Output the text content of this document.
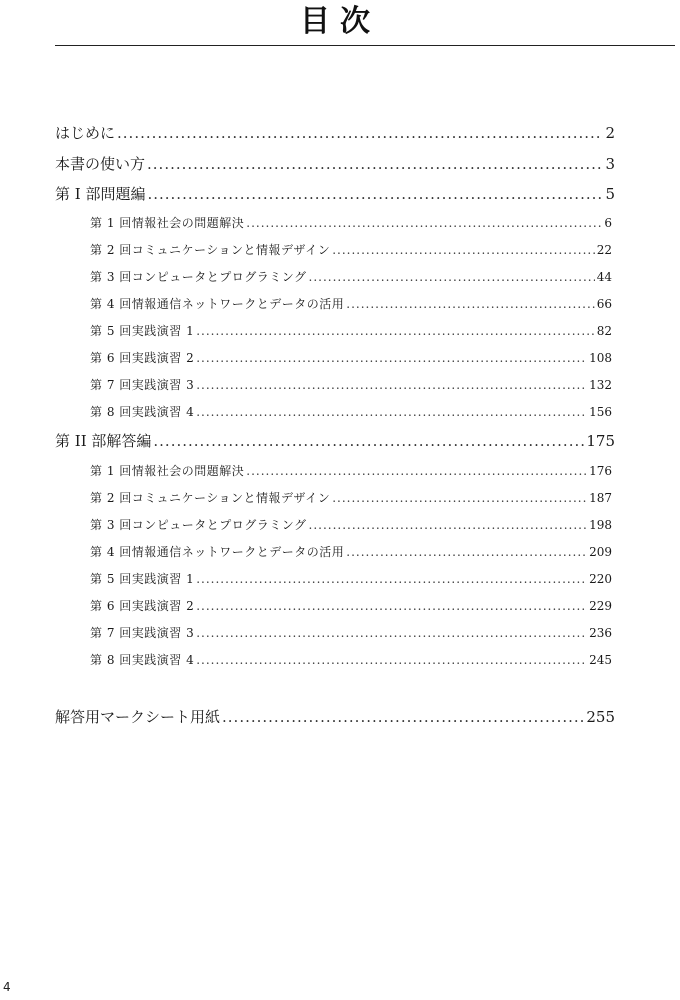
目次
はじめに .....	2
本書の使い方 .....	3
第 I 部問題編 .....	5
第 1 回情報社会の問題解決 .....	6
第 2 回コミュニケーションと情報デザイン .....	22
第 3 回コンピュータとプログラミング .....	44
第 4 回情報通信ネットワークとデータの活用 .....	66
第 5 回実践演習 1 .....	82
第 6 回実践演習 2 .....	108
第 7 回実践演習 3 .....	132
第 8 回実践演習 4 .....	156
第 II 部解答編 .....	175
第 1 回情報社会の問題解決 .....	176
第 2 回コミュニケーションと情報デザイン .....	187
第 3 回コンピュータとプログラミング .....	198
第 4 回情報通信ネットワークとデータの活用 .....	209
第 5 回実践演習 1 .....	220
第 6 回実践演習 2 .....	229
第 7 回実践演習 3 .....	236
第 8 回実践演習 4 .....	245
解答用マークシート用紙 .....	255
4
